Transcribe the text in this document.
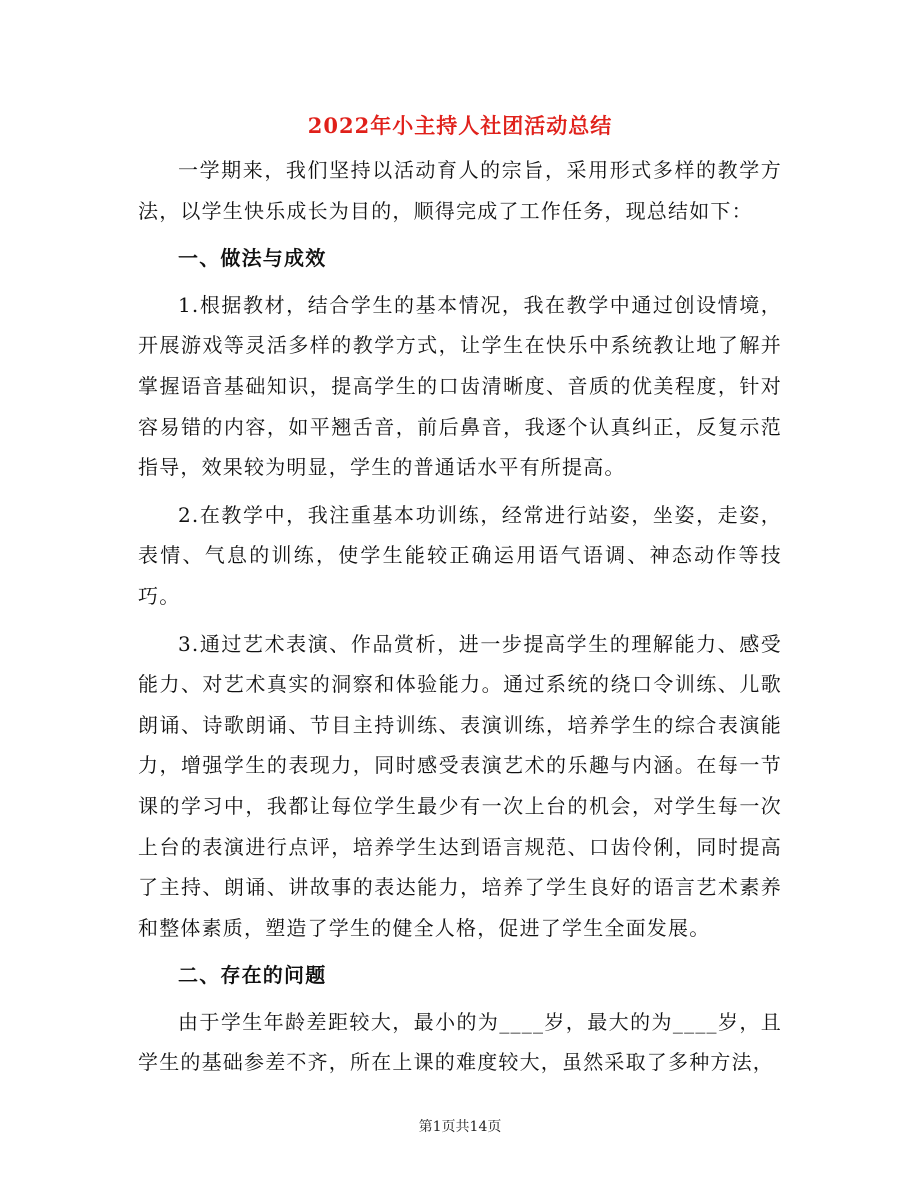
2022年小主持人社团活动总结

一学期来，我们坚持以活动育人的宗旨，采用形式多样的教学方法，以学生快乐成长为目的，顺得完成了工作任务，现总结如下：

一、做法与成效

1.根据教材，结合学生的基本情况，我在教学中通过创设情境，开展游戏等灵活多样的教学方式，让学生在快乐中系统教让地了解并掌握语音基础知识，提高学生的口齿清晰度、音质的优美程度，针对容易错的内容，如平翘舌音，前后鼻音，我逐个认真纠正，反复示范指导，效果较为明显，学生的普通话水平有所提高。

2.在教学中，我注重基本功训练，经常进行站姿，坐姿，走姿，表情、气息的训练，使学生能较正确运用语气语调、神态动作等技巧。

3.通过艺术表演、作品赏析，进一步提高学生的理解能力、感受能力、对艺术真实的洞察和体验能力。通过系统的绕口令训练、儿歌朗诵、诗歌朗诵、节目主持训练、表演训练，培养学生的综合表演能力，增强学生的表现力，同时感受表演艺术的乐趣与内涵。在每一节课的学习中，我都让每位学生最少有一次上台的机会，对学生每一次上台的表演进行点评，培养学生达到语言规范、口齿伶俐，同时提高了主持、朗诵、讲故事的表达能力，培养了学生良好的语言艺术素养和整体素质，塑造了学生的健全人格，促进了学生全面发展。

二、存在的问题

由于学生年龄差距较大，最小的为____岁，最大的为____岁，且学生的基础参差不齐，所在上课的难度较大，虽然采取了多种方法，

第1页共14页
